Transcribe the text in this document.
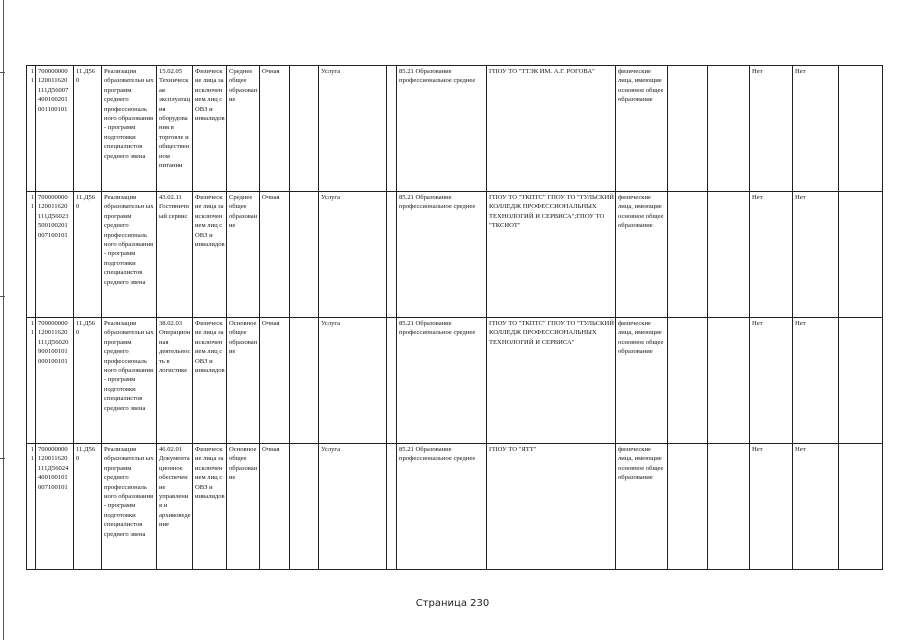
11	700000000
120011620
111Д56007
400100201
001100101	11.Д56
0	Реализация образовательн ых программ среднего профессиональ ного образования - программ подготовки специалистов среднего звена	15.02.05 Техническая эксплуатация оборудования в торговле и общественном питании	Физические лица за исключением лиц с ОВЗ и инвалидов	Среднее общее образование	Очная		Услуга		85.21 Образование профессиональное среднее	ГПОУ ТО "ТТЭК ИМ. А.Г. РОГОВА"	физические лица, имеющие основное общее образование			Нет	Нет	
11	700000000
120011620
111Д56023
500100201
007100101	11.Д56
0	Реализация образовательн ых программ среднего профессиональ ного образования - программ подготовки специалистов среднего звена	43.02.11 Гостиничный сервис	Физические лица за исключением лиц с ОВЗ и инвалидов	Среднее общее образование	Очная		Услуга		85.21 Образование профессиональное среднее	ГПОУ ТО "ТКПТС" ГПОУ ТО "ТУЛЬСКИЙ КОЛЛЕДЖ ПРОФЕССИОНАЛЬНЫХ ТЕХНОЛОГИЙ И СЕРВИСА";ГПОУ ТО "ТКСИОТ"	физические лица, имеющие основное общее образование			Нет	Нет	
11	700000000
120011620
111Д56020
900100101
000100101	11.Д56
0	Реализация образовательн ых программ среднего профессиональ ного образования - программ подготовки специалистов среднего звена	38.02.03 Операционная деятельность в логистике	Физические лица за исключением лиц с ОВЗ и инвалидов	Основное общее образование	Очная		Услуга		85.21 Образование профессиональное среднее	ГПОУ ТО "ТКПТС" ГПОУ ТО "ТУЛЬСКИЙ КОЛЛЕДЖ ПРОФЕССИОНАЛЬНЫХ ТЕХНОЛОГИЙ И СЕРВИСА"	физические лица, имеющие основное общее образование			Нет	Нет	
11	700000000
120011620
111Д56024
400100101
007100101	11.Д56
0	Реализация образовательн ых программ среднего профессиональ ного образования - программ подготовки специалистов среднего звена	46.02.01 Документационное обеспечение управления и архивоведение	Физические лица за исключением лиц с ОВЗ и инвалидов	Основное общее образование	Очная		Услуга		85.21 Образование профессиональное среднее	ГПОУ ТО "ЯТТ"	физические лица, имеющие основное общее образование			Нет	Нет	
Страница 230
